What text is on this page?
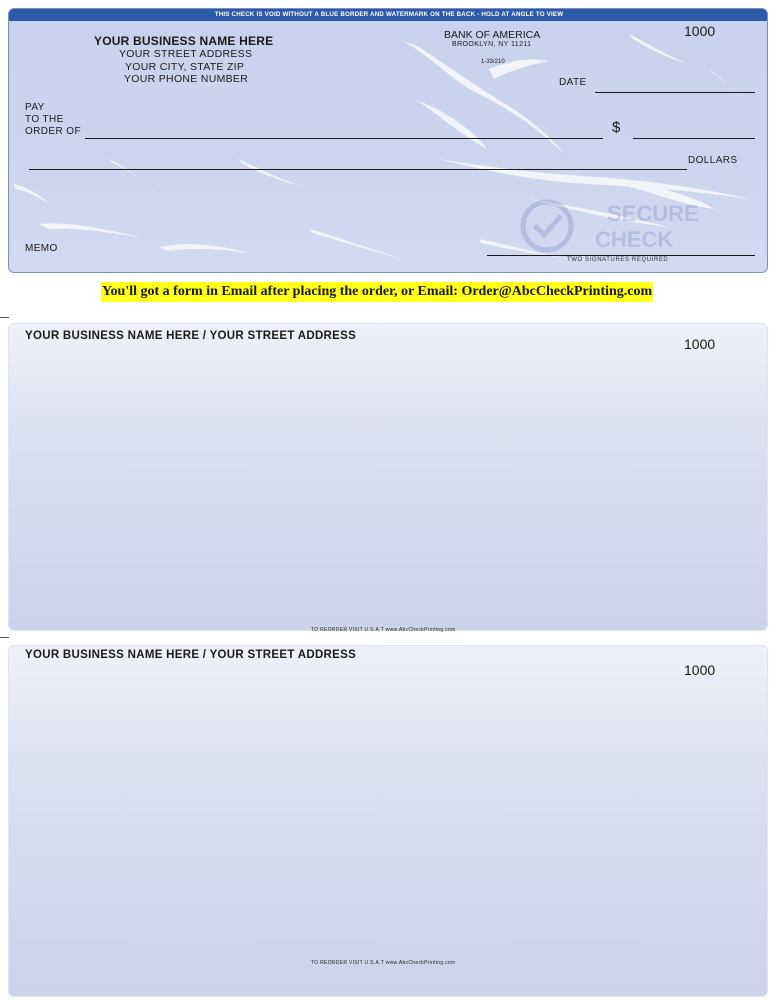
THIS CHECK IS VOID WITHOUT A BLUE BORDER AND WATERMARK ON THE BACK - HOLD AT ANGLE TO VIEW
YOUR BUSINESS NAME HERE
YOUR STREET ADDRESS
YOUR CITY, STATE ZIP
YOUR PHONE NUMBER
BANK OF AMERICA
BROOKLYN, NY 11211
1-33/210
1000
DATE
PAY
TO THE
ORDER OF	$
DOLLARS
SECURE
CHECK
MEMO
TWO SIGNATURES REQUIRED
You'll got a form in Email after placing the order, or Email: Order@AbcCheckPrinting.com
YOUR BUSINESS NAME HERE / YOUR STREET ADDRESS	1000
TO REORDER VISIT U.S.A.T www.AbcCheckPrinting.com
YOUR BUSINESS NAME HERE / YOUR STREET ADDRESS
1000
TO REORDER VISIT U.S.A.T www.AbcCheckPrinting.com
